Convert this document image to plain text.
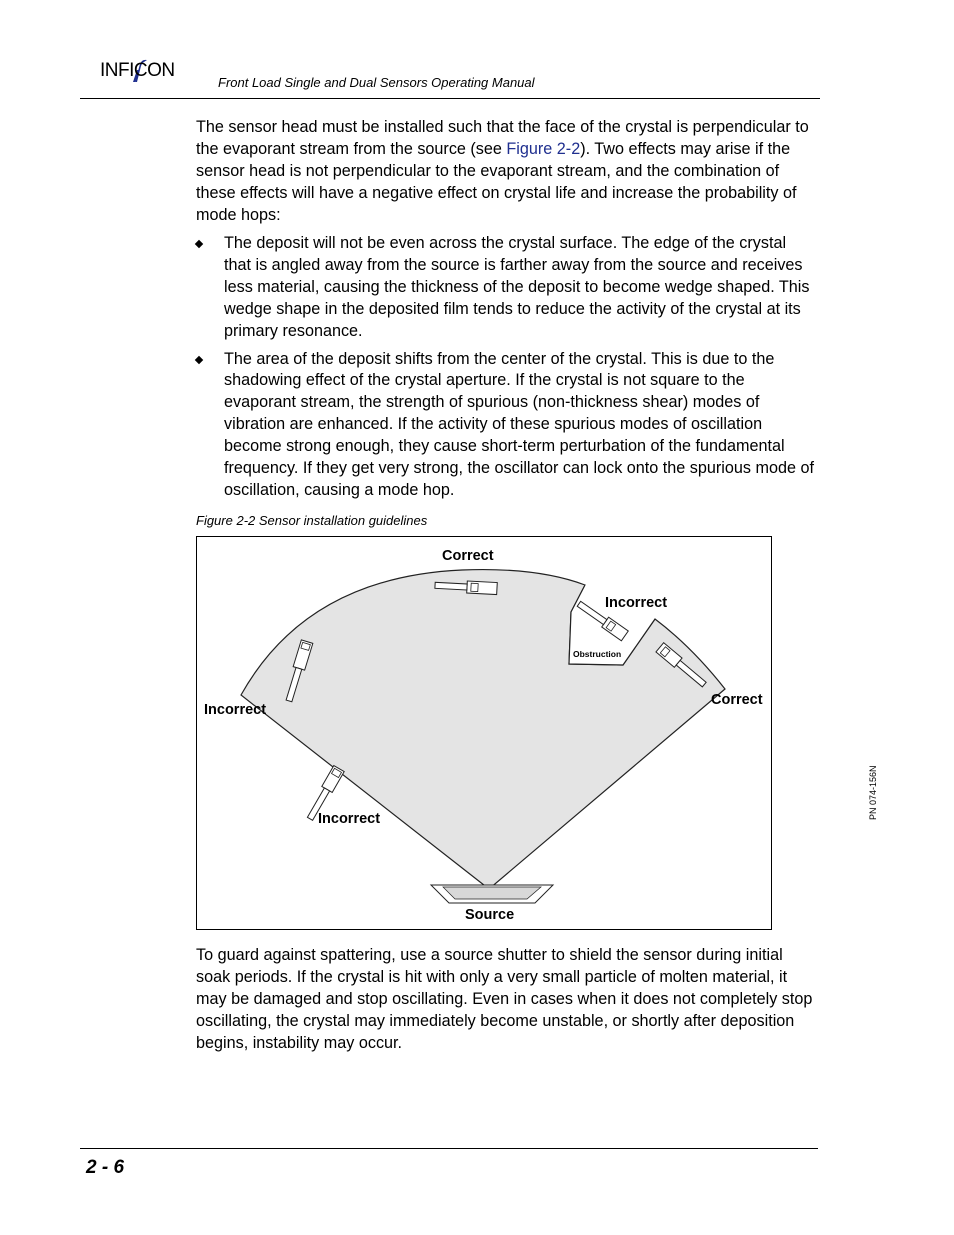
INFICON
Front Load Single and Dual Sensors Operating Manual
The sensor head must be installed such that the face of the crystal is perpendicular to the evaporant stream from the source (see Figure 2-2). Two effects may arise if the sensor head is not perpendicular to the evaporant stream, and the combination of these effects will have a negative effect on crystal life and increase the probability of mode hops:
The deposit will not be even across the crystal surface. The edge of the crystal that is angled away from the source is farther away from the source and receives less material, causing the thickness of the deposit to become wedge shaped. This wedge shape in the deposited film tends to reduce the activity of the crystal at its primary resonance.
The area of the deposit shifts from the center of the crystal. This is due to the shadowing effect of the crystal aperture. If the crystal is not square to the evaporant stream, the strength of spurious (non-thickness shear) modes of vibration are enhanced. If the activity of these spurious modes of oscillation become strong enough, they cause short-term perturbation of the fundamental frequency. If they get very strong, the oscillator can lock onto the spurious mode of oscillation, causing a mode hop.
Figure 2-2 Sensor installation guidelines
Correct
Incorrect
Obstruction
Correct
Incorrect
Incorrect
Source
To guard against spattering, use a source shutter to shield the sensor during initial soak periods. If the crystal is hit with only a very small particle of molten material, it may be damaged and stop oscillating. Even in cases when it does not completely stop oscillating, the crystal may immediately become unstable, or shortly after deposition begins, instability may occur.
PN 074-156N
2 - 6
